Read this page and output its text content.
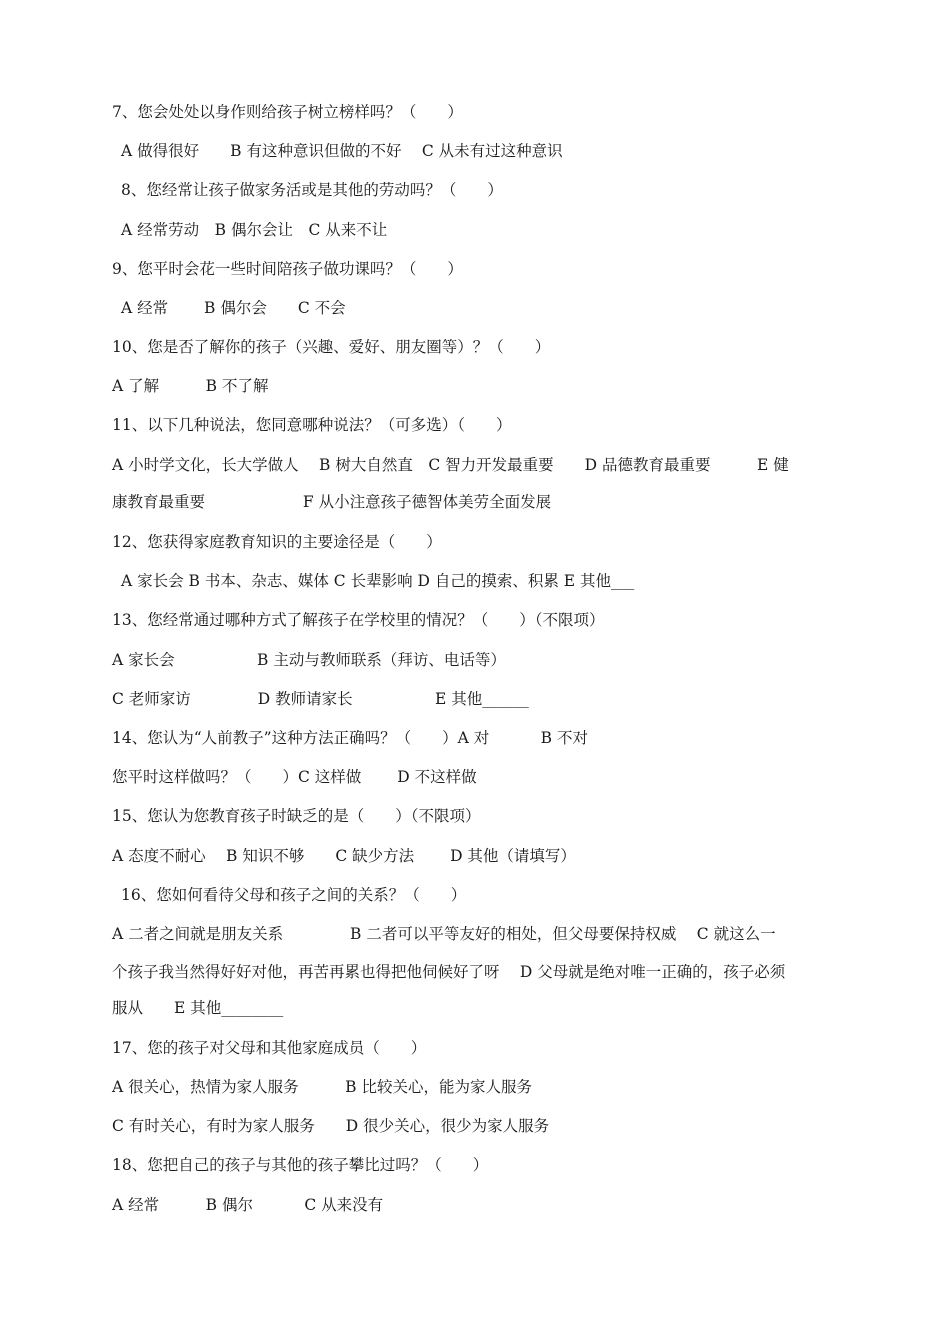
7、您会处处以身作则给孩子树立榜样吗？（　　）
A 做得很好　　B 有这种意识但做的不好　 C 从未有过这种意识
8、您经常让孩子做家务活或是其他的劳动吗？（　　）
A 经常劳动　B 偶尔会让　C 从来不让
9、您平时会花一些时间陪孩子做功课吗？（　　）
A 经常　　 B 偶尔会　　C 不会
10、您是否了解你的孩子（兴趣、爱好、朋友圈等）？（　　）
A 了解　　　B 不了解
11、以下几种说法，您同意哪种说法？（可多选）（　　）
A 小时学文化，长大学做人　 B 树大自然直　C 智力开发最重要　　D 品德教育最重要　　　E 健
康教育最重要　　　　　　 F 从小注意孩子德智体美劳全面发展
12、您获得家庭教育知识的主要途径是（　　）
A 家长会 B 书本、杂志、媒体 C 长辈影响 D 自己的摸索、积累 E 其他___
13、您经常通过哪种方式了解孩子在学校里的情况？（　　）（不限项）
A 家长会　　　　　 B 主动与教师联系（拜访、电话等）
C 老师家访　　　　 D 教师请家长　　　　　 E 其他______
14、您认为“人前教子”这种方法正确吗？（　　）A 对　　　 B 不对
您平时这样做吗？（　　）C 这样做　　 D 不这样做
15、您认为您教育孩子时缺乏的是（　　）（不限项）
A 态度不耐心　 B 知识不够　　C 缺少方法　　 D 其他（请填写）
16、您如何看待父母和孩子之间的关系？（　　）
A 二者之间就是朋友关系　　　　 B 二者可以平等友好的相处，但父母要保持权威　 C 就这么一
个孩子我当然得好好对他，再苦再累也得把他伺候好了呀　 D 父母就是绝对唯一正确的，孩子必须
服从　　E 其他________
17、您的孩子对父母和其他家庭成员（　　）
A 很关心，热情为家人服务　　　B 比较关心，能为家人服务
C 有时关心，有时为家人服务　　D 很少关心，很少为家人服务
18、您把自己的孩子与其他的孩子攀比过吗？（　　）
A 经常　　　B 偶尔　　　 C 从来没有
